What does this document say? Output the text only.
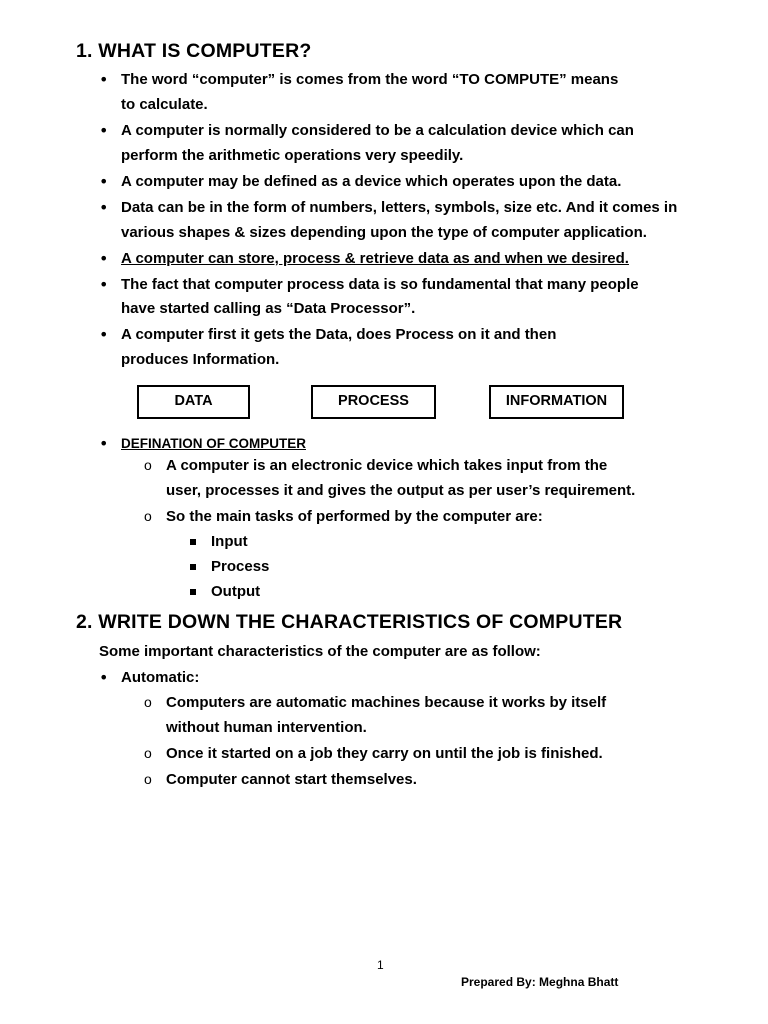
1. WHAT IS COMPUTER?
• The word “computer” is comes from the word “TO COMPUTE” means
to calculate.
• A computer is normally considered to be a calculation device which can
perform the arithmetic operations very speedily.
• A computer may be defined as a device which operates upon the data.
• Data can be in the form of numbers, letters, symbols, size etc. And it comes in
various shapes & sizes depending upon the type of computer application.
• A computer can store, process & retrieve data as and when we desired.
• The fact that computer process data is so fundamental that many people
have started calling as “Data Processor”.
• A computer first it gets the Data, does Process on it and then
produces Information.
DATA	PROCESS	INFORMATION
• DEFINATION OF COMPUTER
o A computer is an electronic device which takes input from the
user, processes it and gives the output as per user’s requirement.
o So the main tasks of performed by the computer are:
Input
Process
Output
2. WRITE DOWN THE CHARACTERISTICS OF COMPUTER
Some important characteristics of the computer are as follow:
• Automatic:
o Computers are automatic machines because it works by itself
without human intervention.
o Once it started on a job they carry on until the job is finished.
o Computer cannot start themselves.
1
Prepared By: Meghna Bhatt
